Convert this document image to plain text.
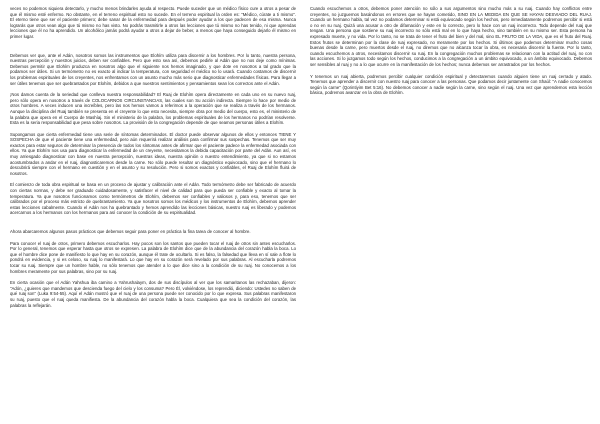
veces no podemos siquiera detectarlo, y mucho menos brindarles ayuda al respecto. Puede suceder que un médico físico cure a otros a pesar de que él mismo esté enfermo. No obstante, en el terreno espiritual esto no sucede. En el terreno espiritual la orden es: "Médico, cúrate a ti mismo". El eterno tiene que ser el paciente primero; debe sanar de la enfermedad para después poder ayudar a los que padecen de esa misma. Nunca lograrás que otros vean algo que tú mismo no has visto. No podrás trasmitirle a otros las lecciones que tú mismo no has tenido, ni que aprendas lecciones que él no ha aprendido. Un alcohólico jamás podrá ayudar a otros a dejar de beber, a menos que haya conseguido dejarlo él mismo en primer lugar.

Debemos ver que, ante el Adán, nosotros somos las instrumentos que Elohím utiliza para discernir a los hombres. Por lo tanto, nuestra persona, nuestras percepción y nuestros juicios, deben ser confiables. Pero que esto sea así, debemos pedirle al Adán que no nos deje como mínimas. Debemos permitir que Elohím produzca en nosotros algo que el siguiente nos hemos imaginado, y que dote en nosotros a tal grado que la podamos ser útiles. Si un termómetro no es exacto al indicar la temperatura, con seguridad el médico no lo usará. Cuando costamos de discernir los problemas espirituales de los creyentes, nos enfrentamos con un asunto mucho más serio que diagnosticar enfermedades físicas. Para llegar a ser útiles tenemos que ser quebrantados por Elohím, debidos a que nuestros sentimientos y pensamientos sean los correctos ante el Adán.

¡Nos damos cuenta de la seriedad que conlleva nuestra responsabilidad? El Ruaj de Elohím opera directamente en cada uno en su nuevo ruaj, pero sólo opera en nosotros a través de COLOCARNOS CIRCUNSTANCIAS, las cuales son Su acción indirecta. Siempre lo hace por medio de otros hombres. A veces inducen una increíbles, pero las nos hemos vamos a referirnos a la operación que se realiza a través de los hermanos. Aunque la disciplina del Ruaj también se presenta en el creyente lo que esto necesita, siempre obra por medio del cuerpo, esto es, el ministerio de la palabra que opera en el Cuerpo de Mashíaj. Sin el ministerio de la palabra, los problemas espirituales de los hermanos no podrían resolverse. Esta es la seria responsabilidad que pesa sobre nosotros. La provisión de la congregación depende de que seamos personas útiles a Elohím.

Supongamos que cierta enfermedad tiene una serie de síntomas determinados. El doctor puede observar algunos de ellos y entonces TIENE Y SOSPECHA de que el paciente tiene una enfermedad, pero aún requerirá realizar análisis para confirmar sus sospechas. Tenemos que ser muy exactos para estar seguros de determinar la presencia de todos los síntomas antes de afirmar que el paciente padece la enfermedad asociada con ellos. Ya que Elohím nos usa para diagnosticar la enfermedad de un creyente, necesitamos la debida capacitación por parte del Adán. Aun así, es muy arriesgado diagnosticar con base en nuestra percepción, nuestras ideas, nuestra opinión o nuestro entendimiento, ya que si no estamos acostumbrados a andar en el ruaj, diagnosticaremos desde la carne. No sólo puede resultar un diagnóstico equivocado, sino que el hermano lo descubrirá siempre con el hermano en cuestión y en el asunto y su resolución. Pero si somos exactos y confiables, el Ruaj de Elohím fluirá de nosotros.

El comienzo de toda obra espiritual se basa en un proceso de ajustar y calibración ante el Adán. Todo termómetro debe ser fabricado de acuerdo con ciertas normas, y debe ser graduado cuidadosamente, y satisfacer el nivel de calidad para que pueda ser confiable y exacto al tomar la temperatura. Ya que nosotros funcionamos como termómetros de Elohím, debemos ser confiables y valiosos y, para eso, tenemos que ser calibrados por el proceso más estricto de quebrantamiento. Ya que nosotros somos los médicos y los instrumentos de Elohím, debemos aprender estas lecciones cabalmente. Cuando el Adán nos ha quebrantado y hemos aprendido las lecciones básicas, nuestro ruaj es liberado y podemos acercarnos a los hermanos con los hermanos para así conocer la condición de su espiritualidad.

Ahora abarcaremos algunos pasos prácticos que debemos seguir para poner en práctica la fina tarea de conocer al hombre.

Para conocer el ruaj de otros, primero debemos escucharlos. Hay pocos son los santos que pueden tocar el ruaj de otros sin antes escucharlos. Por lo general, tenemos que esperar hasta que otros se expresen. La palabra de Elohím dice que de la abundancia del corazón habla la boca. Lo que el hombre dice pone de manifiesto lo que hay en su corazón, aunque él trate de ocultarlo. Si es falso, la falsedad que lleva en sí sale a flote lo pondrá en evidencia, y si es celoso, su ruaj lo manifestará. Lo que hay en su corazón será revelado por sus palabras. Al escucharla podremos tocar su ruaj. Siempre que un hombre hable, no sólo tenemos que atender a lo que dice sino a la condición de su ruaj. No conocemos a los hombres meramente por sus palabras, sino por su ruaj.

En cierta ocasión que el Adán Yahshua iba camino a Yahrushalaym, dos de sus discípulos al ver que los samaritanos las rechazaban, dijeron: "Adón, ¿quieres que mandemos que descienda fuego del cielo y los consuma? Pero Él, volviéndose, los reprendió, diciendo: Ustedes no saben de qué ruaj son" (Luka 9:54-55). Aquí el Adán mostró que el ruaj de una persona puede ser conocido por lo que expresa. Sus palabras manifestaron su ruaj, puesto que el ruaj queda manifiesta. De la abundancia del corazón habla la boca. Cualquiera que sea la condición del corazón, las palabras la reflejarán.

Cuando escuchemos a otros, debemos poner atención no sólo a sus argumentos sino mucho más a su ruaj. Cuando hay conflictos entre creyentes, no juzguemos basándonos en errores que se hayan cometido, SINO EN LA MEDIDA EN QUE SE HAYAN DESVIADO DEL RUAJ. Cuando un hermano habla, tal vez no podamos determinar si está equivocado según los hechos, pero inmediatamente podremos percibir si está o no en su ruaj. Quizá una acusar a otro de difamación y este en lo correcto, pero lo hace con un ruaj incorrecto. Todo depende del ruaj que tengan. Una persona que sostiene su ruaj incorrecto no sólo está mal en lo que haya hecho, sino también en su mismo ser. Esta persona ha expresado muerte, y no vida. Por lo tanto, no se trata de tener el fruto del bien y del mal, sino EL FRUTO DE LA VIDA, que es el fruto del Ruaj. Estos frutos se determinan por la clase de ruaj expresado, no meramente por los hechos. Si últimos que podemos determinar mucho cosas buenas desde la carne, pero muertos desde el ruaj, no diremos que no alcanza tocar la obra, es necesaria discernir la fuente. Por lo tanto, cuando escuchemos a otros, necesitamos discernir su ruaj. En la congregación muchos problemas se relacionan con la actitud del ruaj, no con las acciones. Si lo juzgamos todo según los hechos, conducimos a la congregación a un ámbito equivocado, a un ámbito equivocado. Debemos ser sensibles al ruaj y no a lo que ocurre en la manifestación de los hechos; nunca debemos ser arrastrados por los hechos.

Y tenemos un ruaj abierta, podremos percibir cualquier condición espiritual y detectaremos cuando alguien tiene un ruaj cerrado y atado. Tenemos que aprender a discernir con nuestro ruaj para conocer a las personas. Que podamos decir juntamente con Shaúl: "A nadie conocemos según la carne" (Qorintiyim Bet 5:16). No debemos conocer a nadie según la carne, sino según el ruaj. Una vez que aprendemos esta lección básica, podremos avanzar en la obra de Elohím.
